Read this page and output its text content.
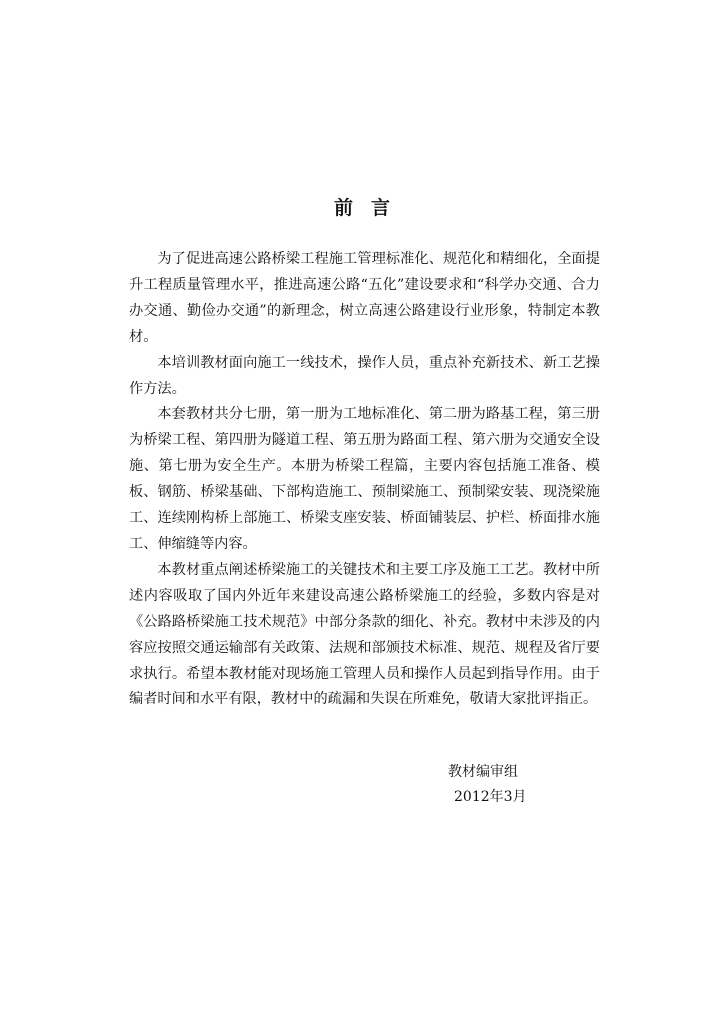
前言

为了促进高速公路桥梁工程施工管理标准化、规范化和精细化，全面提升工程质量管理水平，推进高速公路“五化”建设要求和“科学办交通、合力办交通、勤俭办交通”的新理念，树立高速公路建设行业形象，特制定本教材。

本培训教材面向施工一线技术，操作人员，重点补充新技术、新工艺操作方法。

本套教材共分七册，第一册为工地标准化、第二册为路基工程，第三册为桥梁工程、第四册为隧道工程、第五册为路面工程、第六册为交通安全设施、第七册为安全生产。本册为桥梁工程篇，主要内容包括施工准备、模板、钢筋、桥梁基础、下部构造施工、预制梁施工、预制梁安装、现浇梁施工、连续刚构桥上部施工、桥梁支座安装、桥面铺装层、护栏、桥面排水施工、伸缩缝等内容。

本教材重点阐述桥梁施工的关键技术和主要工序及施工工艺。教材中所述内容吸取了国内外近年来建设高速公路桥梁施工的经验，多数内容是对《公路路桥梁施工技术规范》中部分条款的细化、补充。教材中未涉及的内容应按照交通运输部有关政策、法规和部颁技术标准、规范、规程及省厅要求执行。希望本教材能对现场施工管理人员和操作人员起到指导作用。由于编者时间和水平有限，教材中的疏漏和失误在所难免，敬请大家批评指正。

教材编审组
2012年3月
